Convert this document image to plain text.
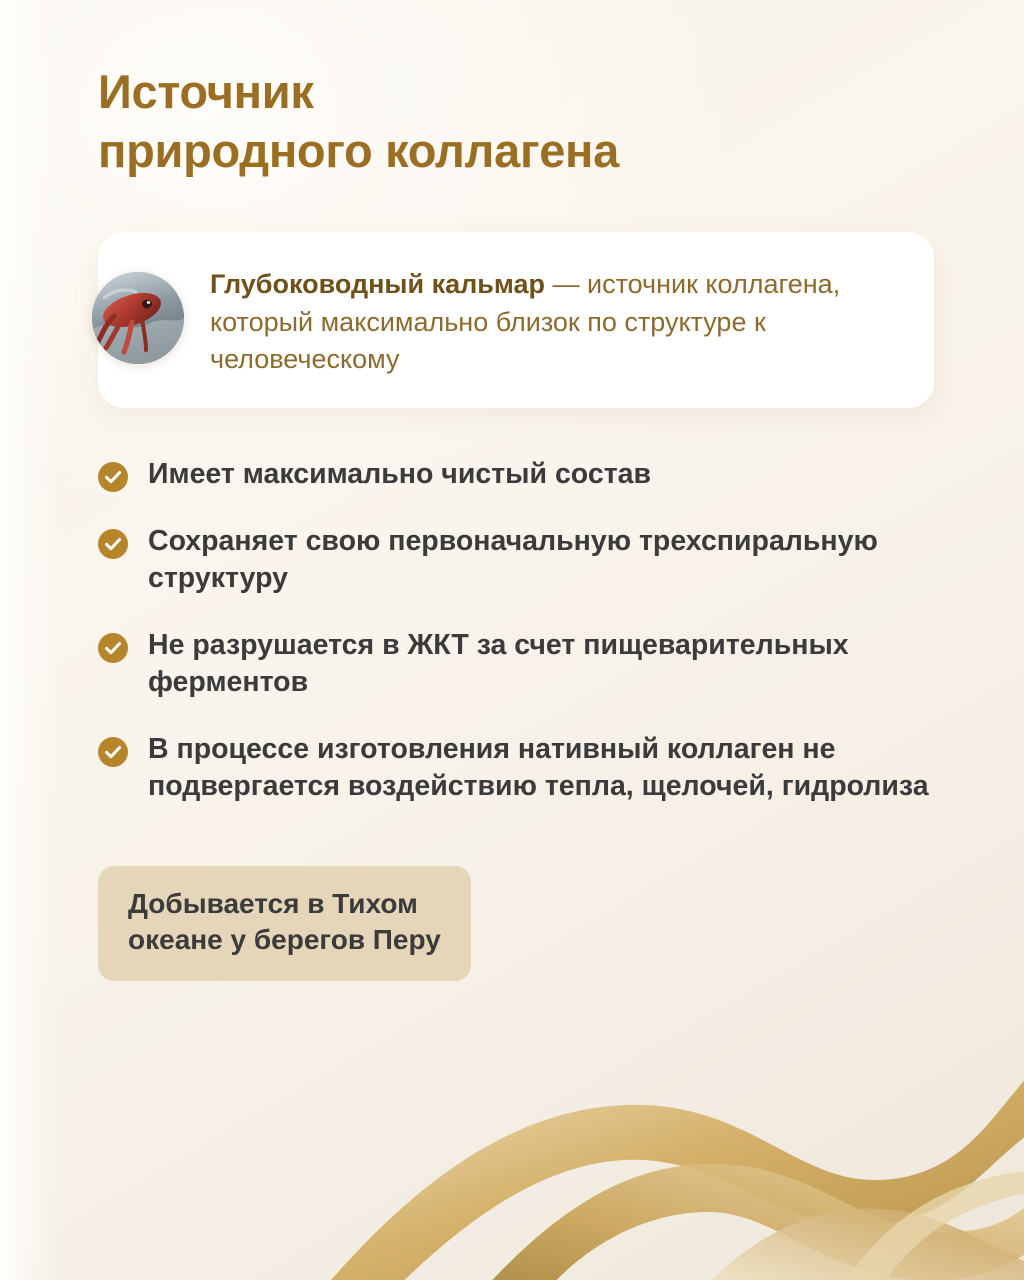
Источник
природного коллагена
Глубоководный кальмар — источник коллагена, который максимально близок по структуре к человеческому
Имеет максимально чистый состав
Сохраняет свою первоначальную трехспиральную структуру
Не разрушается в ЖКТ за счет пищеварительных ферментов
В процессе изготовления нативный коллаген не подвергается воздействию тепла, щелочей, гидролиза
Добывается в Тихом
океане у берегов Перу
